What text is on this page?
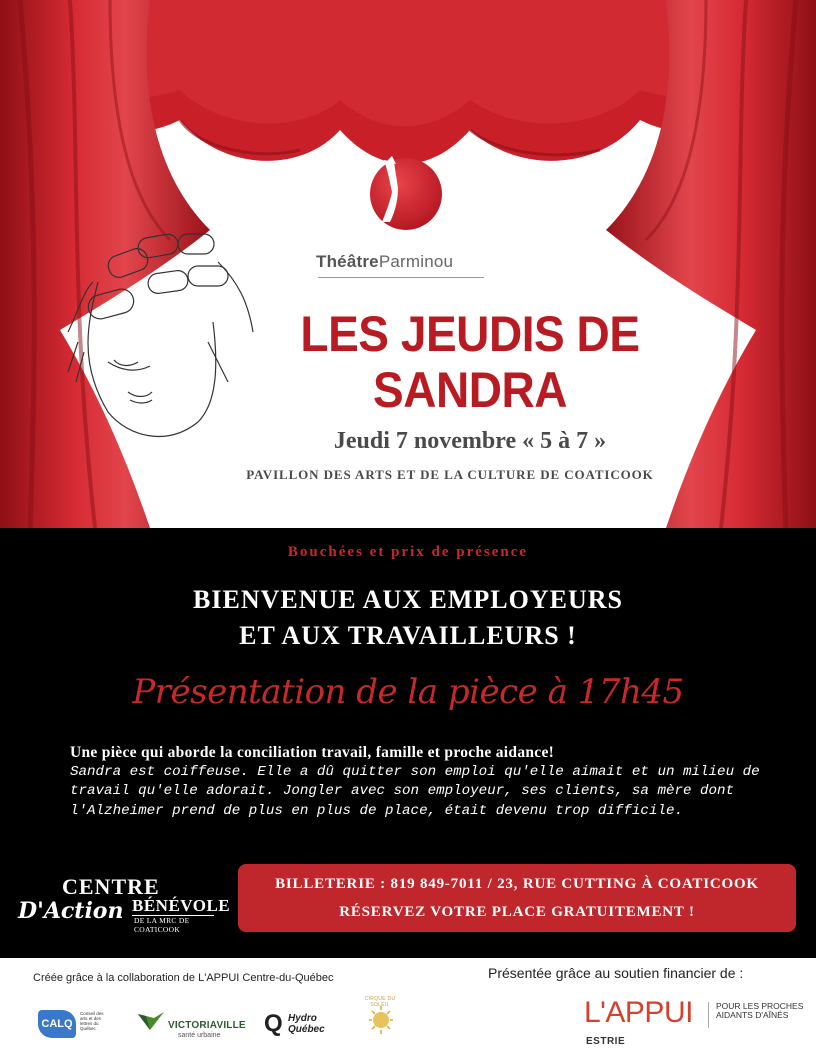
ThéâtreParminou
LES JEUDIS DE
SANDRA
Jeudi 7 novembre « 5 à 7 »
PAVILLON DES ARTS ET DE LA CULTURE DE COATICOOK
Bouchées et prix de présence
BIENVENUE AUX EMPLOYEURS
ET AUX TRAVAILLEURS !
Présentation de la pièce à 17h45
Une pièce qui aborde la conciliation travail, famille et proche aidance!
Sandra est coiffeuse. Elle a dû quitter son emploi qu'elle aimait et un milieu de travail qu'elle adorait. Jongler avec son employeur, ses clients, sa mère dont l'Alzheimer prend de plus en plus de place, était devenu trop difficile.
CENTRE
D'Action BÉNÉVOLE
DE LA MRC DE COATICOOK
BILLETERIE : 819 849-7011 / 23, RUE CUTTING À COATICOOK
RÉSERVEZ VOTRE PLACE GRATUITEMENT !
Créée grâce à la collaboration de L'APPUI Centre-du-Québec	Présentée grâce au soutien financier de :
CALQ
Conseil des arts et des lettres du Québec	VICTORIAVILLE
santé urbaine Q Hydro
Québec
CIRQUE DU SOLEIL	L'APPUI
ESTRIE
POUR LES PROCHES AIDANTS D'AÎNÉS
